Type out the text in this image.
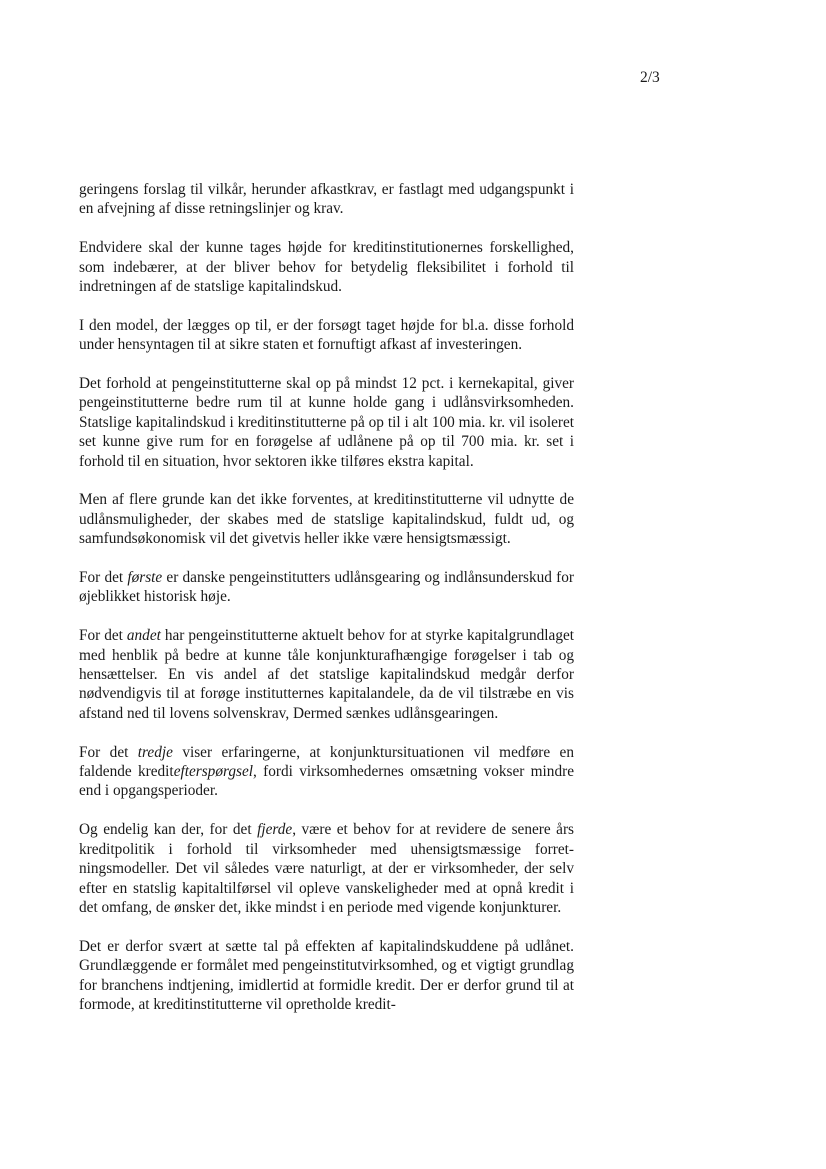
2/3

geringens forslag til vilkår, herunder afkastkrav, er fastlagt med udgangspunkt i en afvejning af disse retningslinjer og krav.

Endvidere skal der kunne tages højde for kreditinstitutionernes forskellighed, som indebærer, at der bliver behov for betydelig fleksibilitet i forhold til indretningen af de statslige kapitalindskud.

I den model, der lægges op til, er der forsøgt taget højde for bl.a. disse forhold under hensyntagen til at sikre staten et fornuftigt afkast af investeringen.

Det forhold at pengeinstitutterne skal op på mindst 12 pct. i kernekapital, giver pengeinstitutterne bedre rum til at kunne holde gang i udlånsvirksomheden. Statslige kapitalindskud i kreditinstitutterne på op til i alt 100 mia. kr. vil isoleret set kunne give rum for en forøgelse af udlånene på op til 700 mia. kr. set i forhold til en situation, hvor sektoren ikke tilføres ekstra kapital.

Men af flere grunde kan det ikke forventes, at kreditinstitutterne vil udnytte de udlånsmuligheder, der skabes med de statslige kapitalindskud, fuldt ud, og samfundsøkonomisk vil det givetvis heller ikke være hensigtsmæssigt.

For det første er danske pengeinstitutters udlånsgearing og indlånsunderskud for øjeblikket historisk høje.

For det andet har pengeinstitutterne aktuelt behov for at styrke kapitalgrundlaget med henblik på bedre at kunne tåle konjunkturafhængige forøgelser i tab og hensættelser. En vis andel af det statslige kapitalindskud medgår derfor nødvendigvis til at forøge institutternes kapitalandele, da de vil tilstræbe en vis afstand ned til lovens solvenskrav, Dermed sænkes udlånsgearingen.

For det tredje viser erfaringerne, at konjunktursituationen vil medføre en faldende kreditefterspørgsel, fordi virksomhedernes omsætning vokser mindre end i opgangsperioder.

Og endelig kan der, for det fjerde, være et behov for at revidere de senere års kreditpolitik i forhold til virksomheder med uhensigtsmæssige forretningsmodeller. Det vil således være naturligt, at der er virksomheder, der selv efter en statslig kapitaltilførsel vil opleve vanskeligheder med at opnå kredit i det omfang, de ønsker det, ikke mindst i en periode med vigende konjunkturer.

Det er derfor svært at sætte tal på effekten af kapitalindskuddene på udlånet. Grundlæggende er formålet med pengeinstitutvirksomhed, og et vigtigt grundlag for branchens indtjening, imidlertid at formidle kredit. Der er derfor grund til at formode, at kreditinstitutterne vil opretholde kredit-
